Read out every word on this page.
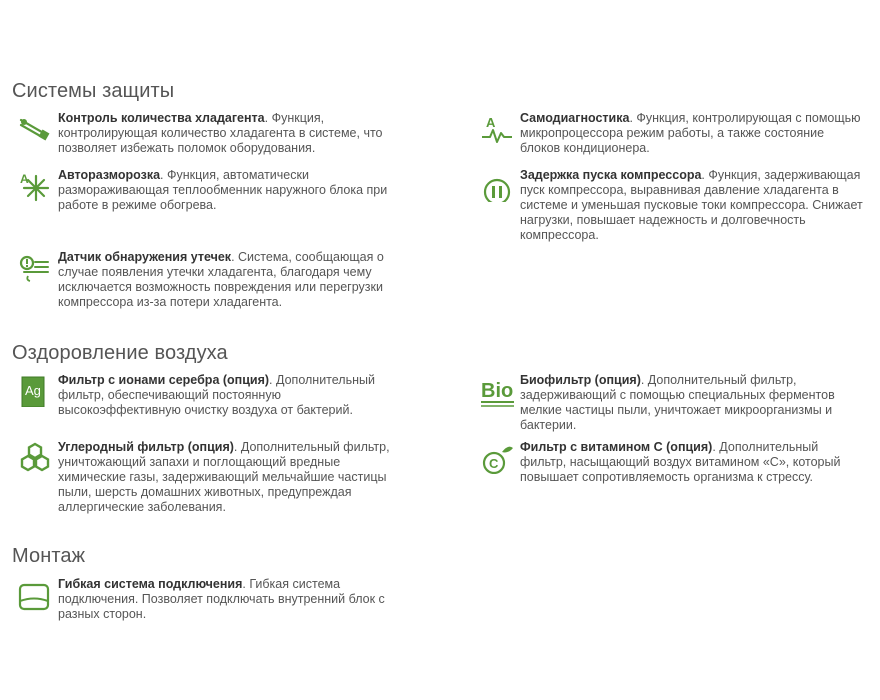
Системы защиты
Контроль количества хладагента. Функция, контролирующая количество хладагента в системе, что позволяет избежать поломок оборудования.
A Авторазморозка. Функция, автоматически размораживающая теплообменник наружного блока при работе в режиме обогрева.
Датчик обнаружения утечек. Система, сообщающая о случае появления утечки хладагента, благодаря чему исключается возможность повреждения или перегрузки компрессора из-за потери хладагента.
A Самодиагностика. Функция, контролирующая с помощью микропроцессора режим работы, а также состояние блоков кондиционера.
Задержка пуска компрессора. Функция, задерживающая пуск компрессора, выравнивая давление хладагента в системе и уменьшая пусковые токи компрессора. Снижает нагрузки, повышает надежность и долговечность компрессора.
Оздоровление воздуха
Ag
Фильтр с ионами серебра (опция). Дополнительный фильтр, обеспечивающий постоянную высокоэффективную очистку воздуха от бактерий.
Углеродный фильтр (опция). Дополнительный фильтр, уничтожающий запахи и поглощающий вредные химические газы, задерживающий мельчайшие частицы пыли, шерсть домашних животных, предупреждая аллергические заболевания.
Bio Биофильтр (опция). Дополнительный фильтр, задерживающий с помощью специальных ферментов мелкие частицы пыли, уничтожает микроорганизмы и бактерии.
C
Фильтр с витамином С (опция). Дополнительный фильтр, насыщающий воздух витамином «С», который повышает сопротивляемость организма к стрессу.
Монтаж
Гибкая система подключения. Гибкая система подключения. Позволяет подключать внутренний блок с разных сторон.
